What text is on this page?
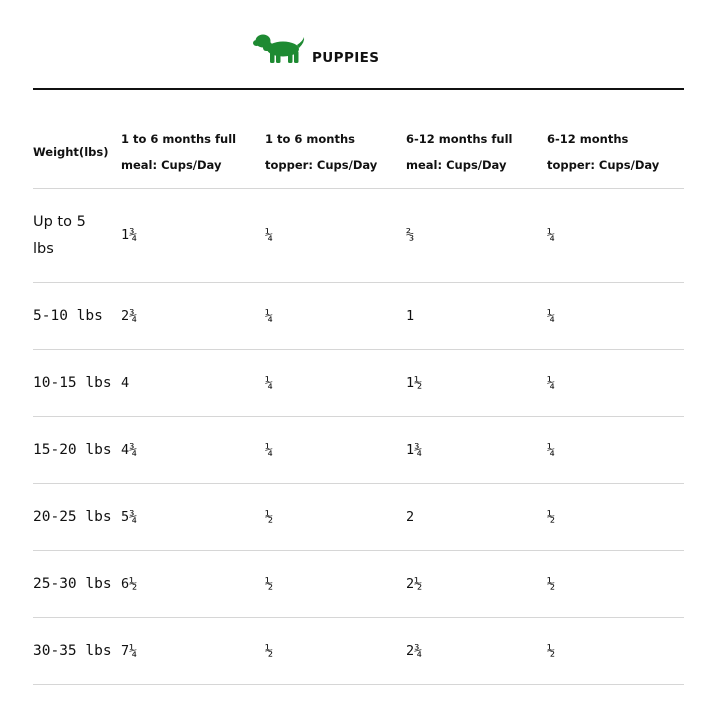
PUPPIES
Weight(lbs)	1 to 6 months full meal: Cups/Day	1 to 6 months topper: Cups/Day	6-12 months full meal: Cups/Day	6-12 months topper: Cups/Day

Up to 5 lbs	1¾	¼	⅔	¼
5-10 lbs	2¾	¼	1	¼
10-15 lbs	4	¼	1½	¼
15-20 lbs	4¾	¼	1¾	¼
20-25 lbs	5¾	½	2	½
25-30 lbs	6½	½	2½	½
30-35 lbs	7¼	½	2¾	½
